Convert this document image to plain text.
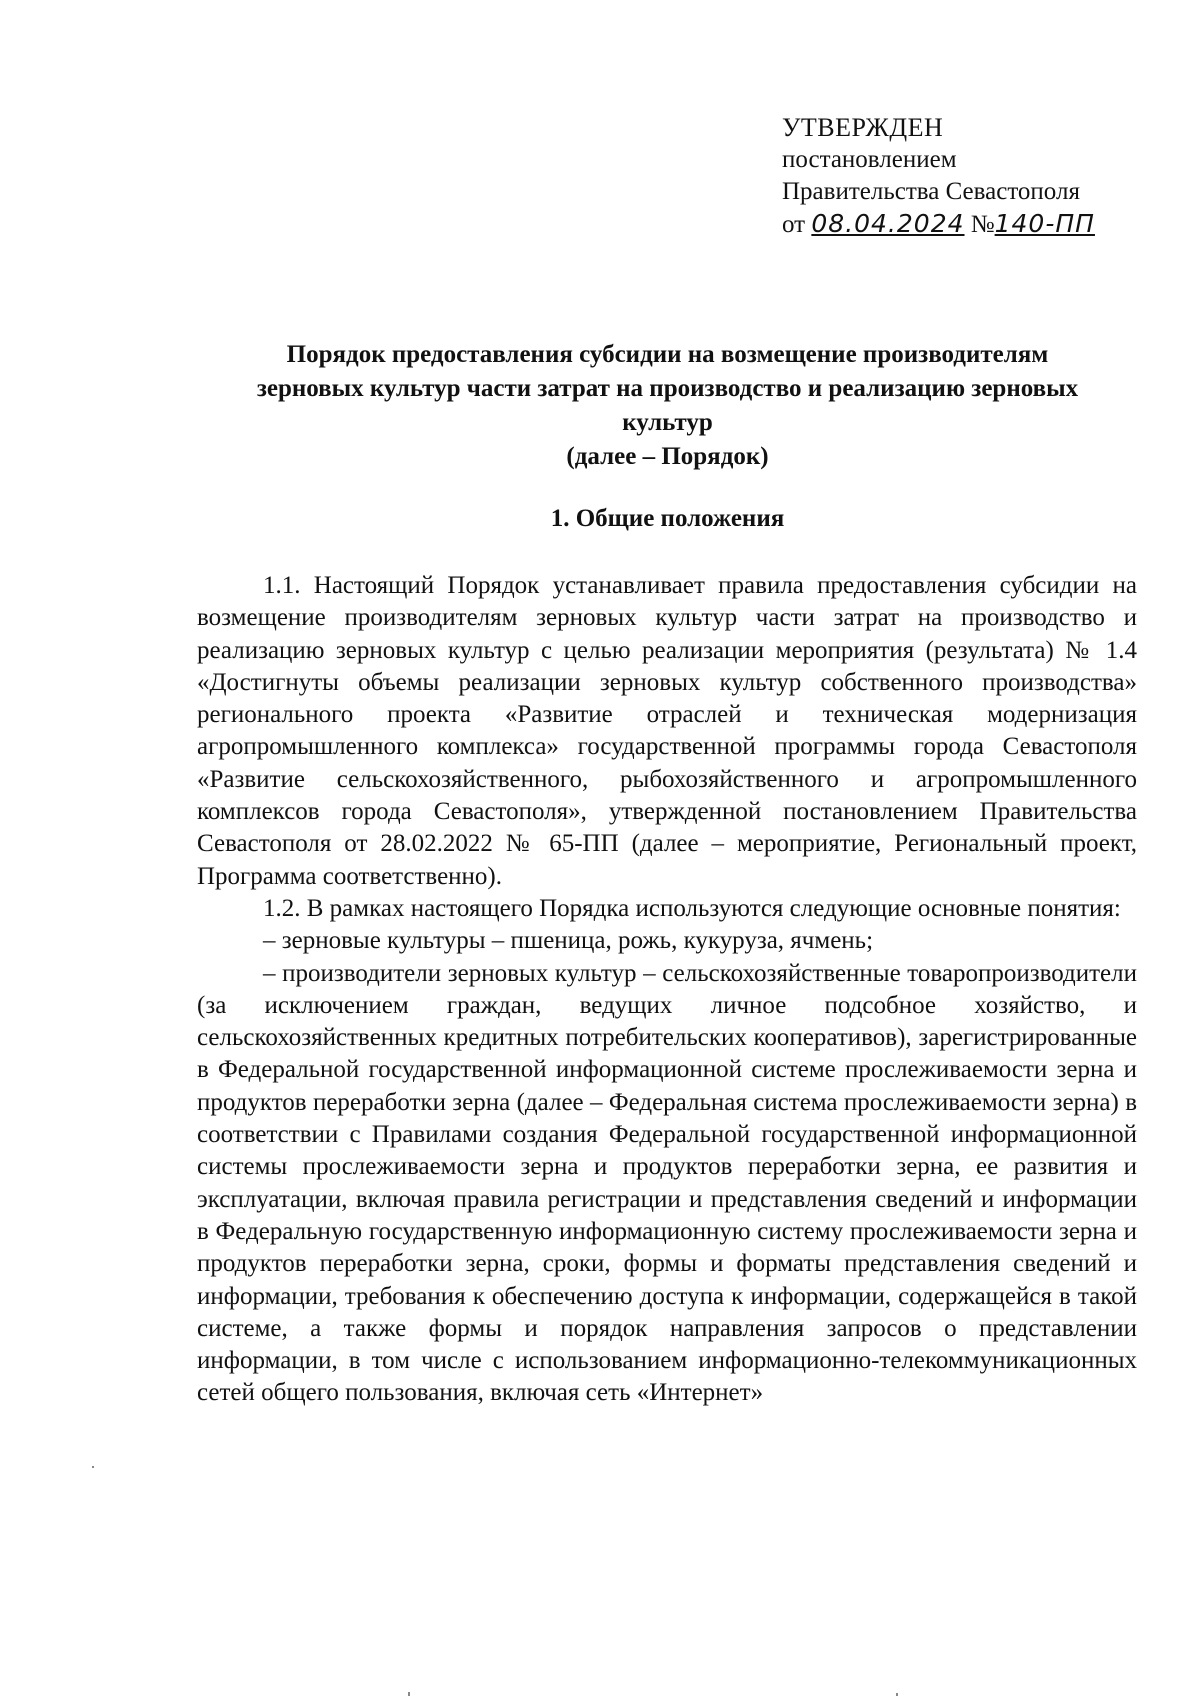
УТВЕРЖДЕН
постановлением
Правительства Севастополя
от 08.04.2024 №140-ПП
Порядок предоставления субсидии на возмещение производителям
зерновых культур части затрат на производство и реализацию зерновых
культур
(далее – Порядок)
1. Общие положения

1.1. Настоящий Порядок устанавливает правила предоставления субсидии на возмещение производителям зерновых культур части затрат на производство и реализацию зерновых культур с целью реализации мероприятия (результата) № 1.4 «Достигнуты объемы реализации зерновых культур собственного производства» регионального проекта «Развитие отраслей и техническая модернизация агропромышленного комплекса» государственной программы города Севастополя «Развитие сельскохозяйственного, рыбохозяйственного и агропромышленного комплексов города Севастополя», утвержденной постановлением Правительства Севастополя от 28.02.2022 № 65-ПП (далее – мероприятие, Региональный проект, Программа соответственно).

1.2. В рамках настоящего Порядка используются следующие основные понятия:

– зерновые культуры – пшеница, рожь, кукуруза, ячмень;

– производители зерновых культур – сельскохозяйственные товаропроизводители (за исключением граждан, ведущих личное подсобное хозяйство, и сельскохозяйственных кредитных потребительских кооперативов), зарегистрированные в Федеральной государственной информационной системе прослеживаемости зерна и продуктов переработки зерна (далее – Федеральная система прослеживаемости зерна) в соответствии с Правилами создания Федеральной государственной информационной системы прослеживаемости зерна и продуктов переработки зерна, ее развития и эксплуатации, включая правила регистрации и представления сведений и информации в Федеральную государственную информационную систему прослеживаемости зерна и продуктов переработки зерна, сроки, формы и форматы представления сведений и информации, требования к обеспечению доступа к информации, содержащейся в такой системе, а также формы и порядок направления запросов о представлении информации, в том числе с использованием информационно-телекоммуникационных сетей общего пользования, включая сеть «Интернет»
